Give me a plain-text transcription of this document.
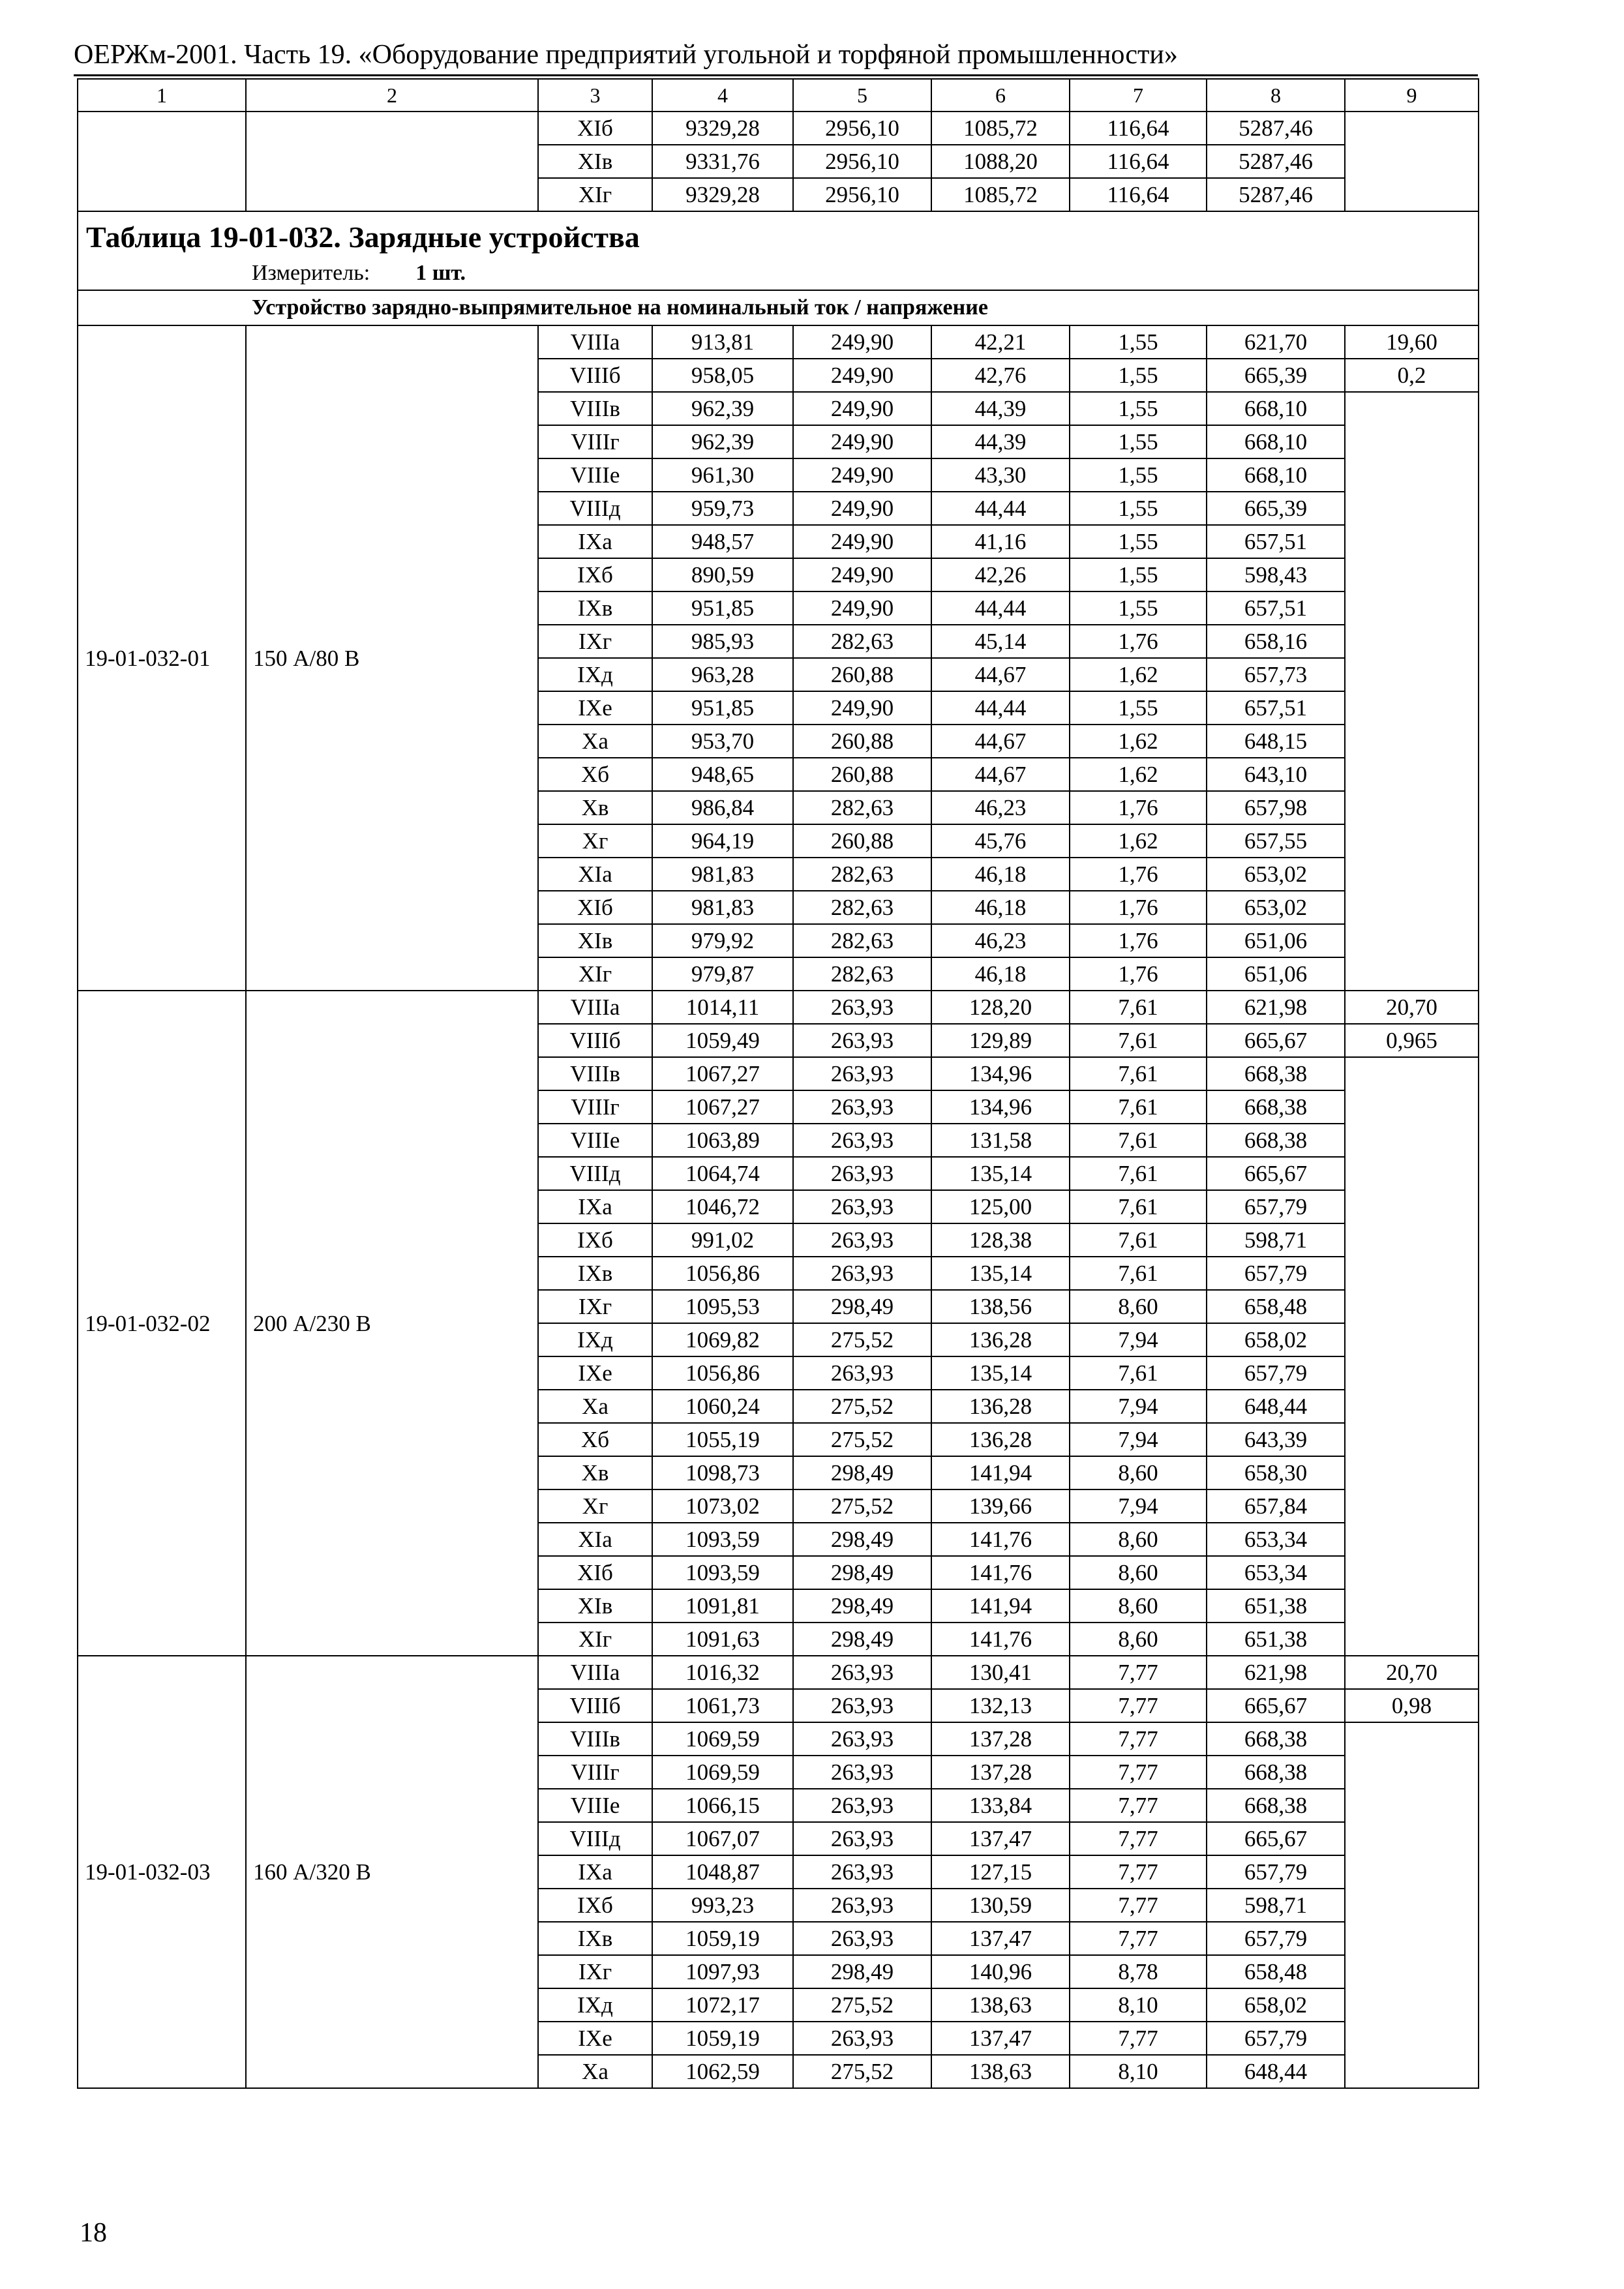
ОЕРЖм-2001. Часть 19. «Оборудование предприятий угольной и торфяной промышленности»
1	2	3	4	5	6	7	8	9
		XIб	9329,28	2956,10	1085,72	116,64	5287,46	
		XIв	9331,76	2956,10	1088,20	116,64	5287,46	
		XIг	9329,28	2956,10	1085,72	116,64	5287,46	

Таблица 19-01-032. Зарядные устройства
Измеритель: 1 шт.								

Устройство зарядно-выпрямительное на номинальный ток / напряжение								
19-01-032-01	150 А/80 В	VIIIа	913,81	249,90	42,21	1,55	621,70	19,60
		VIIIб	958,05	249,90	42,76	1,55	665,39	0,2
		VIIIв	962,39	249,90	44,39	1,55	668,10	
		VIIIг	962,39	249,90	44,39	1,55	668,10	
		VIIIе	961,30	249,90	43,30	1,55	668,10	
		VIIIд	959,73	249,90	44,44	1,55	665,39	
		IXа	948,57	249,90	41,16	1,55	657,51	
		IXб	890,59	249,90	42,26	1,55	598,43	
		IXв	951,85	249,90	44,44	1,55	657,51	
		IXг	985,93	282,63	45,14	1,76	658,16	
		IXд	963,28	260,88	44,67	1,62	657,73	
		IXе	951,85	249,90	44,44	1,55	657,51	
		Xа	953,70	260,88	44,67	1,62	648,15	
		Xб	948,65	260,88	44,67	1,62	643,10	
		Xв	986,84	282,63	46,23	1,76	657,98	
		Xг	964,19	260,88	45,76	1,62	657,55	
		XIа	981,83	282,63	46,18	1,76	653,02	
		XIб	981,83	282,63	46,18	1,76	653,02	
		XIв	979,92	282,63	46,23	1,76	651,06	
		XIг	979,87	282,63	46,18	1,76	651,06	
19-01-032-02	200 А/230 В	VIIIа	1014,11	263,93	128,20	7,61	621,98	20,70
		VIIIб	1059,49	263,93	129,89	7,61	665,67	0,965
		VIIIв	1067,27	263,93	134,96	7,61	668,38	
		VIIIг	1067,27	263,93	134,96	7,61	668,38	
		VIIIе	1063,89	263,93	131,58	7,61	668,38	
		VIIIд	1064,74	263,93	135,14	7,61	665,67	
		IXа	1046,72	263,93	125,00	7,61	657,79	
		IXб	991,02	263,93	128,38	7,61	598,71	
		IXв	1056,86	263,93	135,14	7,61	657,79	
		IXг	1095,53	298,49	138,56	8,60	658,48	
		IXд	1069,82	275,52	136,28	7,94	658,02	
		IXе	1056,86	263,93	135,14	7,61	657,79	
		Xа	1060,24	275,52	136,28	7,94	648,44	
		Xб	1055,19	275,52	136,28	7,94	643,39	
		Xв	1098,73	298,49	141,94	8,60	658,30	
		Xг	1073,02	275,52	139,66	7,94	657,84	
		XIа	1093,59	298,49	141,76	8,60	653,34	
		XIб	1093,59	298,49	141,76	8,60	653,34	
		XIв	1091,81	298,49	141,94	8,60	651,38	
		XIг	1091,63	298,49	141,76	8,60	651,38	
19-01-032-03	160 А/320 В	VIIIа	1016,32	263,93	130,41	7,77	621,98	20,70
		VIIIб	1061,73	263,93	132,13	7,77	665,67	0,98
		VIIIв	1069,59	263,93	137,28	7,77	668,38	
		VIIIг	1069,59	263,93	137,28	7,77	668,38	
		VIIIе	1066,15	263,93	133,84	7,77	668,38	
		VIIIд	1067,07	263,93	137,47	7,77	665,67	
		IXа	1048,87	263,93	127,15	7,77	657,79	
		IXб	993,23	263,93	130,59	7,77	598,71	
		IXв	1059,19	263,93	137,47	7,77	657,79	
		IXг	1097,93	298,49	140,96	8,78	658,48	
		IXд	1072,17	275,52	138,63	8,10	658,02	
		IXе	1059,19	263,93	137,47	7,77	657,79	
		Xа	1062,59	275,52	138,63	8,10	648,44	
18
